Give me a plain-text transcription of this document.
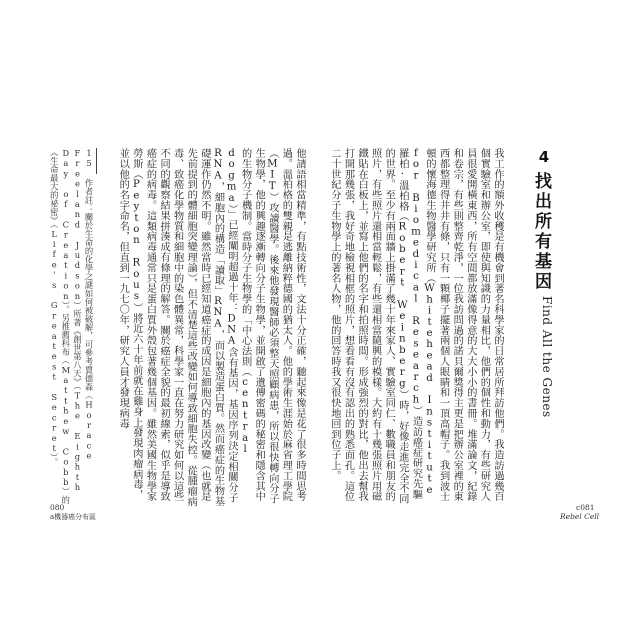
他請語相當精準，有點技術性，文法十分正確，聽起來像是花了很多時間思考過。溫柏格的雙親是逃離納粹德國的猶太人。他的學術生涯始於麻省理工學院（MIT）攻讀醫學。後來他發現醫師必須整天照顧病患，所以很快轉向分子生物學，他的興趣逐漸轉向分子生物學，並開啟了遺傳密碼的秘密和隱含其中的生物分子機制。當時分子生物學的「中心法則（central dogma）」已經闡明超過十年：DNA含有基因，基因序列決定相關分子RNA，細胞內的構造「讀取」RNA，而以製造蛋白質。然而癌症的生物基礎運作仍然不明。雖然當時已經知道癌症的成因是細胞內的基因改變（也就是先前提到的體細胞突變理論），但不清楚這些改變如何導致細胞失控。從腫瘤病毒、致癌化學物質和細胞中的染色體異常，科學家一直在努力研究如何以這些不同的觀察結果拼湊成有條理的解答。關於癌症全貌的最初線索，似乎是導致癌症的病毒。這類病毒通常只是蛋白質外殼包著幾個基因。雖然美國生物學家勞斯（Peyton Rous）將近六十年前就在雞身上發現肉瘤病毒，並以他的名字命名，但直到一九七〇年，研究人員才發現病毒
15 作者註：關於生命的化學之謎如何被破解，可參考賈德森（Horace Freeland Judson）所著《創世第八天》（The Eighth Day of Creation）。另推薦科布（Matthew Cobb）的《生命最大的祕密》（Life's Greatest Secret）。	4
找出所有基因
Find All the Genes
我工作的額外收穫是有機會到著名科學家的日常居所拜訪他們。我造訪過幾百個實驗室和辦公室，即使與知識的力量相比，他們的個性和動力，有些研究人員很愛開橫東西，所有空間都放滿像得意的大大小小的書冊。堆滿論文，紀錄和卷宗，有些則整齊乾淨，一位我訪問過的諾貝爾獎得主更是把辦公室裡的東西都整理得井井有條，只有一顆椰子擺著兩個人眼睛和一頂高帽子。我到波士頓的懷海德生物醫學研究所（Whitehead Institute for Biomedical Research）造訪癌症研究先驅羅柏·溫柏格（Robert Weinberg）時，好像走進完全不同的世界。至少有兩面牆上掛滿了幾十年來家人、實驗室同仁、數職員和朋友的照片，有些照片還相當輕鬆，有些還相當隨興的模樣。大約有十幾張照片用磁鐵貼在白板上，並寫上他們的名字和拍照時間。形成強烈的對比，他出去幫我打開那幾張，我好奇地檢視相框的照片，想看看有沒有認出的熟悉面孔。這位二十世紀分子生物學上的著名人物，他的回答時我又很快地回到位子上。
080
a機器癌分布區
c081
Rebel Cell
